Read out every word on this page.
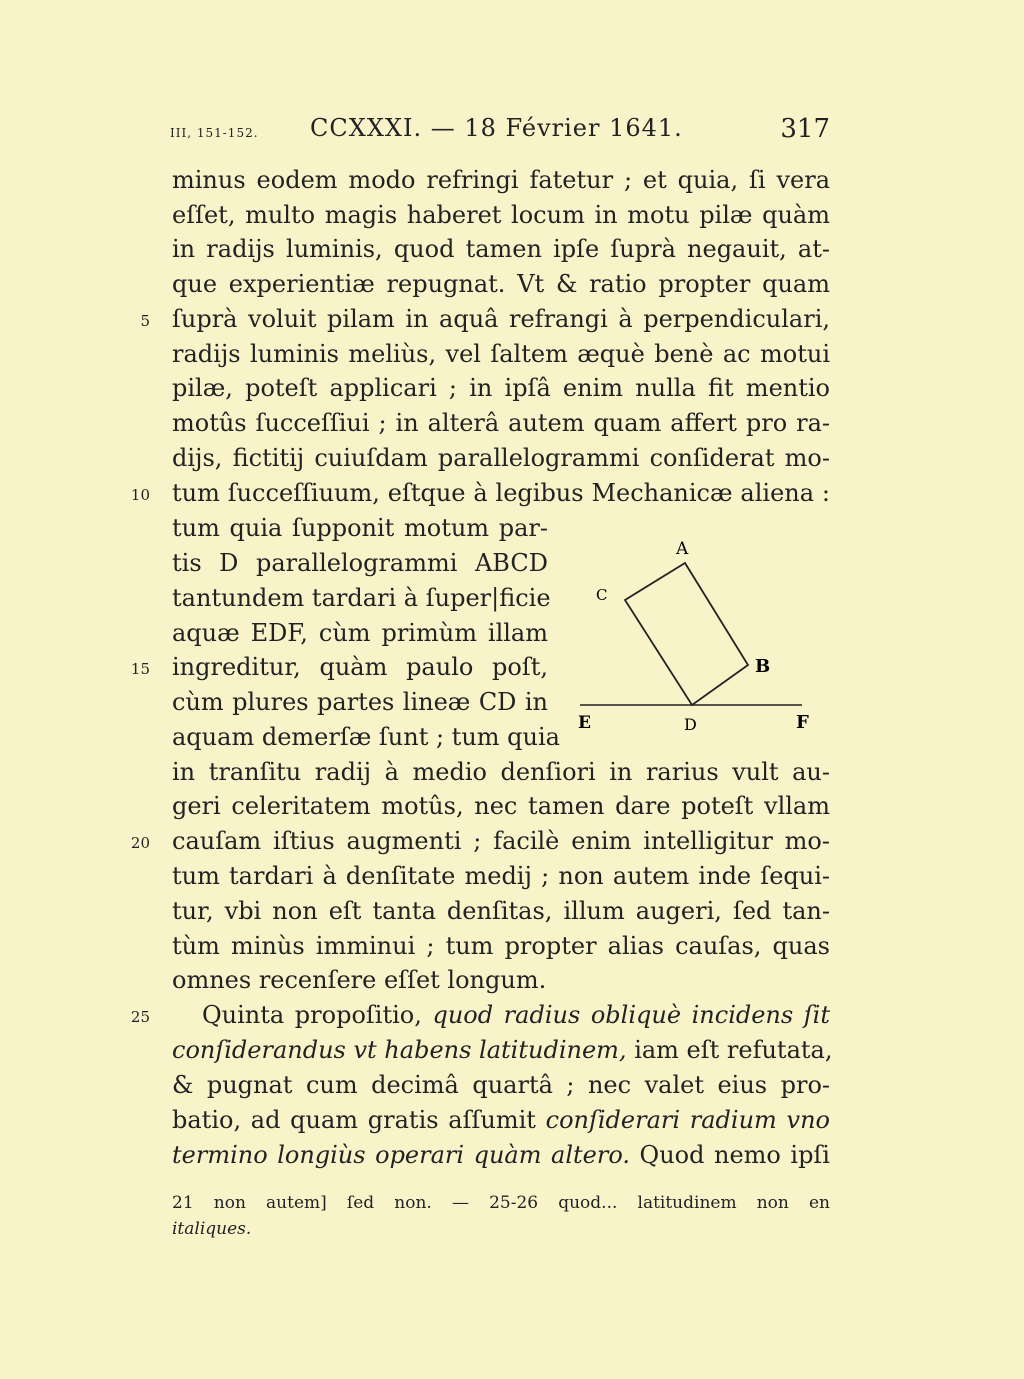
III, 151-152. CCXXXI. — 18 Février 1641.	317
minus eodem modo refringi fatetur ; et quia, ſi vera
eſſet, multo magis haberet locum in motu pilæ quàm
in radijs luminis, quod tamen ipſe ſuprà negauit, at-
que experientiæ repugnat. Vt & ratio propter quam
ſuprà voluit pilam in aquâ refrangi à perpendiculari,
radijs luminis meliùs, vel ſaltem æquè benè ac motui
pilæ, poteſt applicari ; in ipſâ enim nulla fit mentio
motûs ſucceſſiui ; in alterâ autem quam affert pro ra-
dijs, fictitij cuiuſdam parallelogrammi conſiderat mo-
tum ſucceſſiuum, eſtque à legibus Mechanicæ aliena :
tum quia ſupponit motum par-
tis D parallelogrammi ABCD
tantundem tardari à ſuper|ficie
aquæ EDF, cùm primùm illam
ingreditur, quàm paulo poſt,
cùm plures partes lineæ CD in
aquam demerſæ ſunt ; tum quia
in tranſitu radij à medio denſiori in rarius vult au-
geri celeritatem motûs, nec tamen dare poteſt vllam
cauſam iſtius augmenti ; facilè enim intelligitur mo-
tum tardari à denſitate medij ; non autem inde ſequi-
tur, vbi non eſt tanta denſitas, illum augeri, ſed tan-
tùm minùs imminui ; tum propter alias cauſas, quas
omnes recenſere eſſet longum.
Quinta propoſitio, quod radius obliquè incidens ſit
conſiderandus vt habens latitudinem, iam eſt refutata,
& pugnat cum decimâ quartâ ; nec valet eius pro-
batio, ad quam gratis aſſumit conſiderari radium vno
termino longiùs operari quàm altero. Quod nemo ipſi
5
10
15
20
25
A
B
C
D
E	F
21 non autem] ſed non. — 25-26 quod... latitudinem non en
italiques.
